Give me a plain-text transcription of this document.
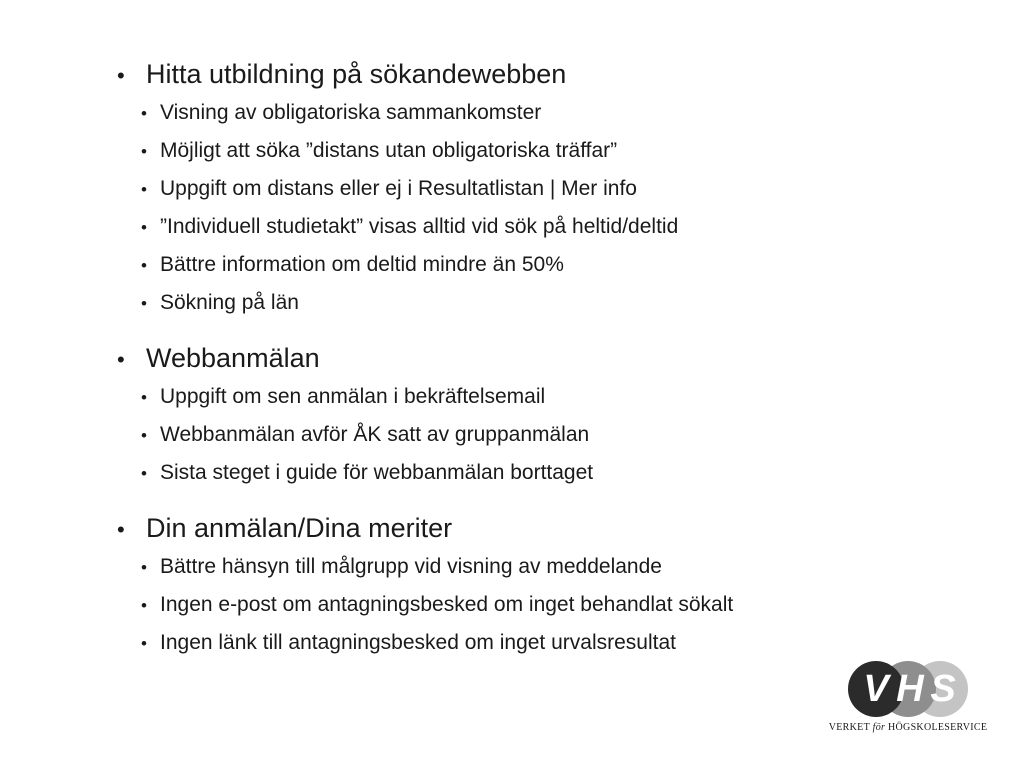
• Hitta utbildning på sökandewebben
• Visning av obligatoriska sammankomster
• Möjligt att söka ”distans utan obligatoriska träffar”
• Uppgift om distans eller ej i Resultatlistan | Mer info
• ”Individuell studietakt” visas alltid vid sök på heltid/deltid
• Bättre information om deltid mindre än 50%
• Sökning på län
• Webbanmälan
• Uppgift om sen anmälan i bekräftelsemail
• Webbanmälan avför ÅK satt av gruppanmälan
• Sista steget i guide för webbanmälan borttaget
• Din anmälan/Dina meriter
• Bättre hänsyn till målgrupp vid visning av meddelande
• Ingen e-post om antagningsbesked om inget behandlat sökalt
• Ingen länk till antagningsbesked om inget urvalsresultat
V H S
VERKET för HÖGSKOLESERVICE
